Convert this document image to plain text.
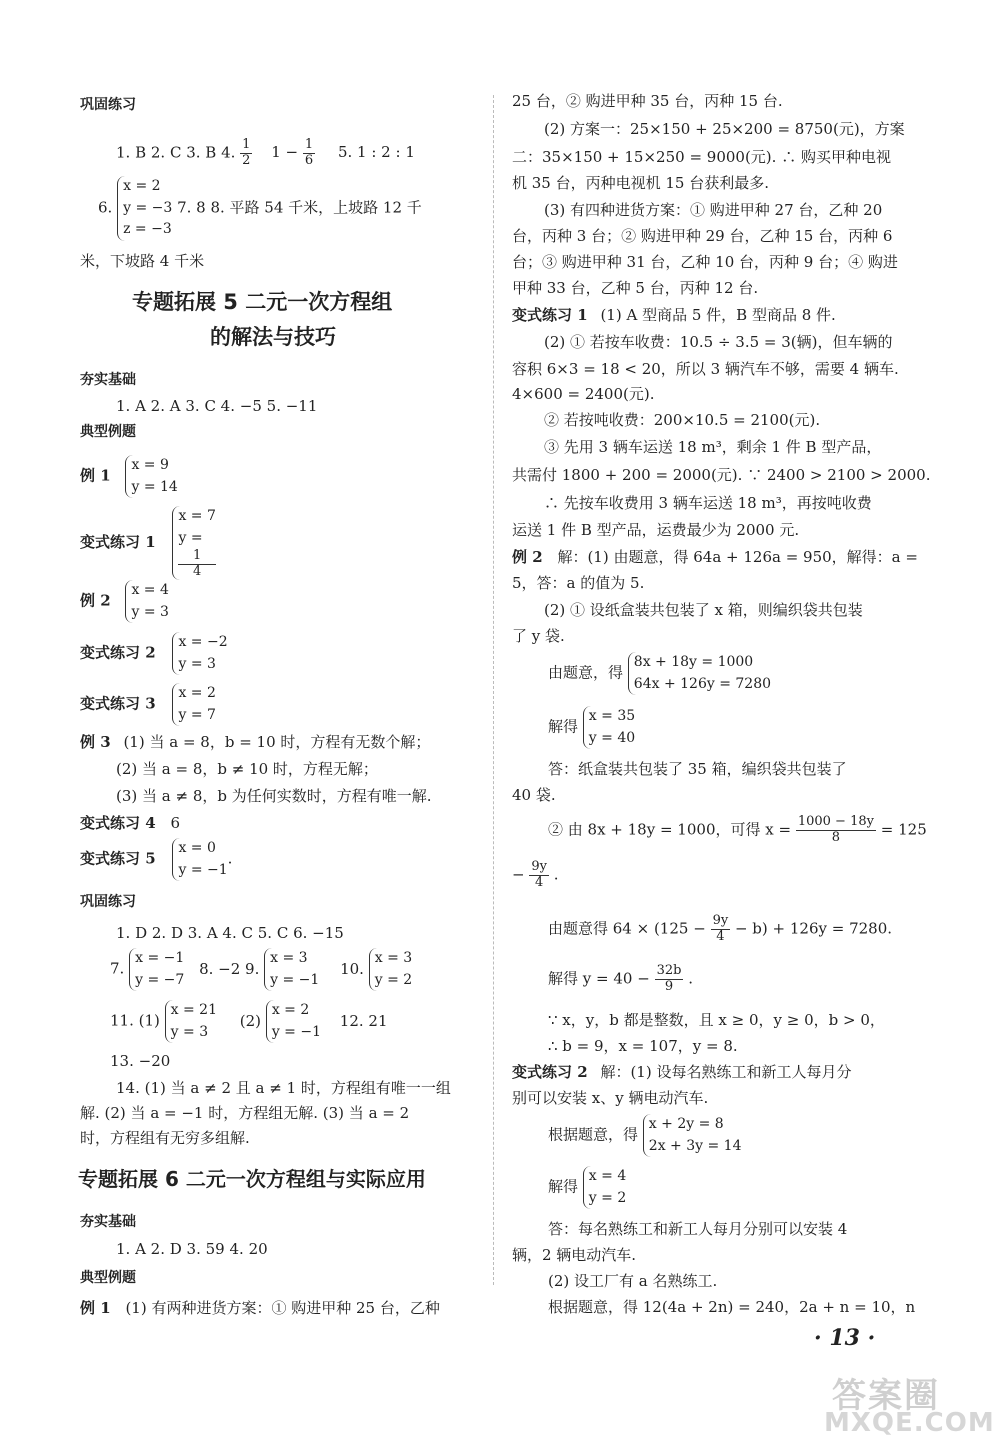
巩固练习
1. B 2. C 3. B 4. $\frac{1}{2} 1 - \frac{1}{6} 5$. 1 : 2 : 1
6.
x = 2
y = −3
z = −3
7. 8 8. 平路 54 千米，上坡路 12 千
米，下坡路 4 千米
专题拓展 5 二元一次方程组
的解法与技巧
夯实基础
1. A 2. A 3. C 4. −5 5. −11
典型例题
例 1
x = 9
y = 14
变式练习 1
x = 7
y =
1
4
例 2
x = 4
y = 3
变式练习 2
x = −2
y = 3
变式练习 3
x = 2
y = 7
例 3 (1) 当 a = 8，b = 10 时，方程有无数个解；
(2) 当 a = 8，b ≠ 10 时，方程无解；
(3) 当 a ≠ 8，b 为任何实数时，方程有唯一解.
变式练习 4 6
变式练习 5
x = 0
y = −1
.
巩固练习
1. D 2. D 3. A 4. C 5. C 6. −15
7.
x = −1
y = −7
8. −2 9.
x = 3
y = −1
10.
x = 3
y = 2
11. (1)
x = 21
y = 3
(2)
x = 2
y = −1
12. 21
13. −20
14. (1) 当 a ≠ 2 且 a ≠ 1 时，方程组有唯一一组
解. (2) 当 a = −1 时，方程组无解. (3) 当 a = 2
时，方程组有无穷多组解.
专题拓展 6 二元一次方程组与实际应用
夯实基础
1. A 2. D 3. 59 4. 20
典型例题
例 1 (1) 有两种进货方案：① 购进甲种 25 台，乙种
25 台，② 购进甲种 35 台，丙种 15 台.
(2) 方案一：25×150 + 25×200 = 8750(元)，方案
二：35×150 + 15×250 = 9000(元). ∴ 购买甲种电视
机 35 台，丙种电视机 15 台获利最多.
(3) 有四种进货方案：① 购进甲种 27 台，乙种 20
台，丙种 3 台；② 购进甲种 29 台，乙种 15 台，丙种 6
台；③ 购进甲种 31 台，乙种 10 台，丙种 9 台；④ 购进
甲种 33 台，乙种 5 台，丙种 12 台.
变式练习 1 (1) A 型商品 5 件，B 型商品 8 件.
(2) ① 若按车收费：10.5 ÷ 3.5 = 3(辆)，但车辆的
容积 6×3 = 18 < 20，所以 3 辆汽车不够，需要 4 辆车.
4×600 = 2400(元).
② 若按吨收费：200×10.5 = 2100(元).
③ 先用 3 辆车运送 18 m³，剩余 1 件 B 型产品，
共需付 1800 + 200 = 2000(元). ∵ 2400 > 2100 > 2000.
∴ 先按车收费用 3 辆车运送 18 m³，再按吨收费
运送 1 件 B 型产品，运费最少为 2000 元.
例 2 解：(1) 由题意，得 64a + 126a = 950，解得：a =
5，答：a 的值为 5.
(2) ① 设纸盒装共包装了 x 箱，则编织袋共包装
了 y 袋.
由题意，得
8x + 18y = 1000
64x + 126y = 7280
解得
x = 35
y = 40
答：纸盒装共包装了 35 箱，编织袋共包装了
40 袋.
② 由 8x + 18y = 1000，可得 $x = \frac{1000 - 18y}{8} = 125$
− $\frac{9y}{4}$ .
由题意得 $64 \times (125 - \frac{9y}{4} - b) + 126y = 7280$.
解得 $y = 40 - \frac{32b}{9}$ .
∵ x，y，b 都是整数，且 x ≥ 0，y ≥ 0，b > 0，
∴ b = 9，x = 107，y = 8.
变式练习 2 解：(1) 设每名熟练工和新工人每月分
别可以安装 x、y 辆电动汽车.
根据题意，得
x + 2y = 8
2x + 3y = 14
解得
x = 4
y = 2
答：每名熟练工和新工人每月分别可以安装 4
辆，2 辆电动汽车.
(2) 设工厂有 a 名熟练工.
根据题意，得 12(4a + 2n) = 240，2a + n = 10，n
· 13 ·
答案圈
MXQE.COM
